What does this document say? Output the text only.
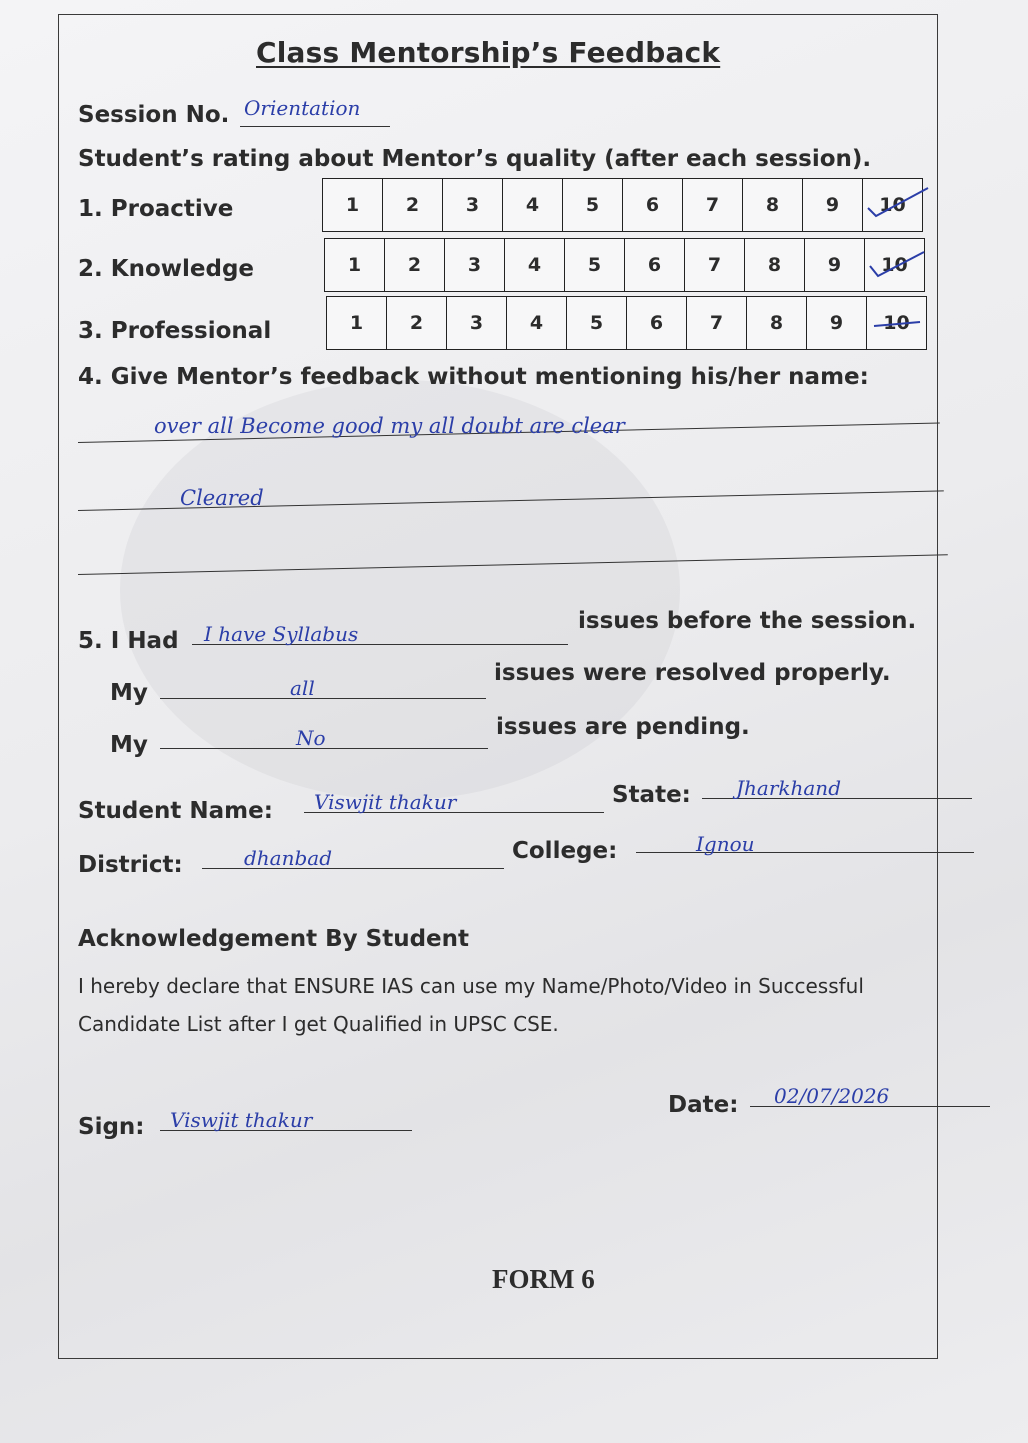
Class Mentorship’s Feedback
Session No. Orientation
Student’s rating about Mentor’s quality (after each session).
1. Proactive	1	2	3	4	5	6	7	8	9	10
2. Knowledge	1	2	3	4	5	6	7	8	9	10
3. Professional	1	2	3	4	5	6	7	8	9	10
4. Give Mentor’s feedback without mentioning his/her name:
over all Become good my all doubt are clear
Cleared
5. I Had I have Syllabus	issues before the session.
My	all
issues were resolved properly.
My	No	issues are pending.
Student Name: Viswjit thakur	State: Jharkhand
District:	dhanbad	College:	Ignou
Acknowledgement By Student
I hereby declare that ENSURE IAS can use my Name/Photo/Video in Successful
Candidate List after I get Qualified in UPSC CSE.
Sign: Viswjit thakur
Date: 02/07/2026
FORM 6
